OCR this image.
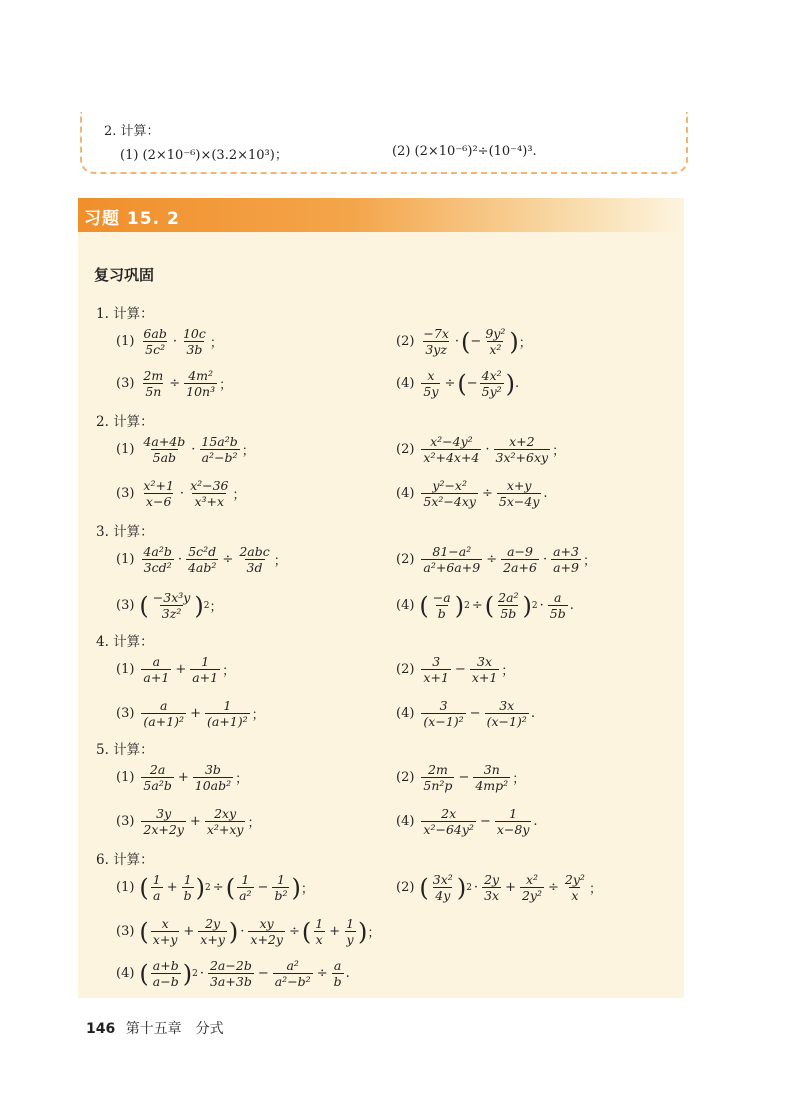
2. 计算：
(1) (2×10⁻⁶)×(3.2×10³)；	(2) (2×10⁻⁶)²÷(10⁻⁴)³.
习题 15. 2
复习巩固
1. 计算：
$(1) \frac{6ab}{\text{5c²}} \cdot \frac{10c}{3b}$ ；	$(2) \frac{-7x}{3yz}$ · ( − $\frac{\text{9y²}}{\text{x²}}$ ) ；
$(3) \frac{2m}{5n} \div \frac{\text{4m²}}{\text{10n³}}$ ；	$(4) \frac{x}{5y}$ ÷ ( − $\frac{\text{4x²}}{\text{5y²}}$ ) .
2. 计算：
$(1) \frac{4a+4b}{5ab} \cdot \frac{\text{15a²b}}{\text{a²−b²}}$ ；	$(2) \frac{\text{x²−4y²}}{\text{x²+4x+4}} \cdot \frac{x+2}{\text{3x²+6xy}}$ ；
$(3) \frac{\text{x²+1}}{x-6} \cdot \frac{\text{x²−36}}{\text{x³+x}}$ ；	$(4) \frac{\text{y²−x²}}{\text{5x²−4xy}} \div \frac{x+y}{5x-4y}$ .
3. 计算：
$(1) \frac{\text{4a²b}}{\text{3cd²}} \cdot \frac{\text{5c²d}}{\text{4ab²}} \div \frac{\text{2abc}}{3d}$ ；	$(2) \frac{\text{81−a²}}{\text{a²+6a+9}} \div \frac{a-9}{2a+6} \cdot \frac{a+3}{a+9}$ ；
(3) ( $\frac{\text{−3x³y}}{\text{3z²}}$ ) 2 ；	(4) ( $\frac{-a}{b}$ ) 2 ÷ ( $\frac{\text{2a²}}{5b}$ ) $2 \cdot \frac{a}{5b}$ .
4. 计算：
$(1) \frac{a}{a+1} + \frac{1}{a+1}$ ；	$(2) \frac{3}{x+1} - \frac{3x}{x+1}$ ；
$(3) \frac{a}{\text{(a+1)²}} + \frac{1}{\text{(a+1)²}}$ ；	$(4) \frac{3}{\text{(x−1)²}} - \frac{3x}{\text{(x−1)²}}$ .
5. 计算：
$(1) \frac{2a}{\text{5a²b}} + \frac{3b}{\text{10ab²}}$ ；	$(2) \frac{2m}{\text{5n²p}} - \frac{3n}{\text{4mp²}}$ ；
$(3) \frac{3y}{2x+2y} + \frac{2xy}{\text{x²+xy}}$ ；	$(4) \frac{2x}{\text{x²−64y²}} - \frac{1}{x-8y}$ .
6. 计算：
(1) ( $\frac{1}{a} + \frac{1}{b}$ ) 2 ÷ ( $\frac{1}{\text{a²}} - \frac{1}{\text{b²}}$ ) ；	(2) ( $\frac{\text{3x²}}{4y}$ ) $2 \cdot \frac{2y}{3x} + \frac{\text{x²}}{\text{2y²}} \div \frac{\text{2y²}}{x}$ ；
(3) ( $\frac{x}{x+y} + \frac{2y}{x+y}$ ) · $\frac{xy}{x+2y}$ ÷ ( $\frac{1}{x} + \frac{1}{y}$ ) ；
(4) ( $\frac{a+b}{a-b}$ ) $2 \cdot \frac{2a-2b}{3a+3b} - \frac{\text{a²}}{\text{a²−b²}} \div \frac{a}{b}$ .
146 第十五章　分式
